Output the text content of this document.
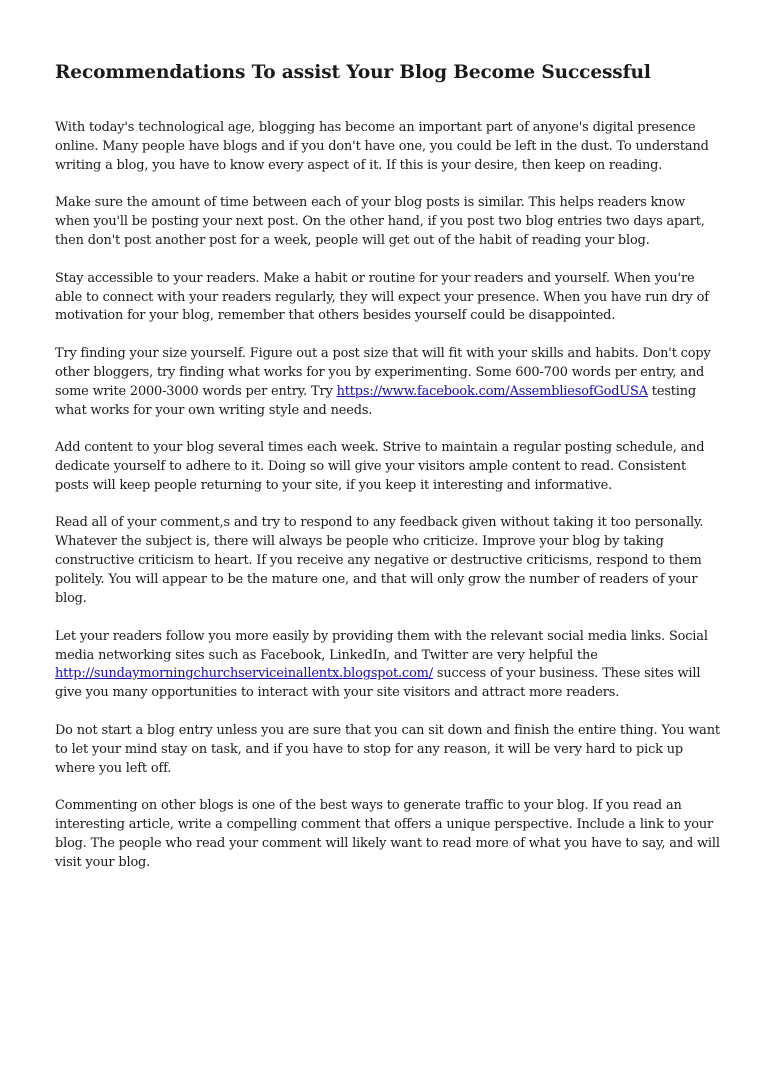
Recommendations To assist Your Blog Become Successful

With today's technological age, blogging has become an important part of anyone's digital presence online. Many people have blogs and if you don't have one, you could be left in the dust. To understand writing a blog, you have to know every aspect of it. If this is your desire, then keep on reading.

Make sure the amount of time between each of your blog posts is similar. This helps readers know when you'll be posting your next post. On the other hand, if you post two blog entries two days apart, then don't post another post for a week, people will get out of the habit of reading your blog.

Stay accessible to your readers. Make a habit or routine for your readers and yourself. When you're able to connect with your readers regularly, they will expect your presence. When you have run dry of motivation for your blog, remember that others besides yourself could be disappointed.

Try finding your size yourself. Figure out a post size that will fit with your skills and habits. Don't copy other bloggers, try finding what works for you by experimenting. Some 600-700 words per entry, and some write 2000-3000 words per entry. Try https://www.facebook.com/AssembliesofGodUSA testing what works for your own writing style and needs.

Add content to your blog several times each week. Strive to maintain a regular posting schedule, and dedicate yourself to adhere to it. Doing so will give your visitors ample content to read. Consistent posts will keep people returning to your site, if you keep it interesting and informative.

Read all of your comment,s and try to respond to any feedback given without taking it too personally. Whatever the subject is, there will always be people who criticize. Improve your blog by taking constructive criticism to heart. If you receive any negative or destructive criticisms, respond to them politely. You will appear to be the mature one, and that will only grow the number of readers of your blog.

Let your readers follow you more easily by providing them with the relevant social media links. Social media networking sites such as Facebook, LinkedIn, and Twitter are very helpful the http://sundaymorningchurchserviceinallentx.blogspot.com/ success of your business. These sites will give you many opportunities to interact with your site visitors and attract more readers.

Do not start a blog entry unless you are sure that you can sit down and finish the entire thing. You want to let your mind stay on task, and if you have to stop for any reason, it will be very hard to pick up where you left off.

Commenting on other blogs is one of the best ways to generate traffic to your blog. If you read an interesting article, write a compelling comment that offers a unique perspective. Include a link to your blog. The people who read your comment will likely want to read more of what you have to say, and will visit your blog.
